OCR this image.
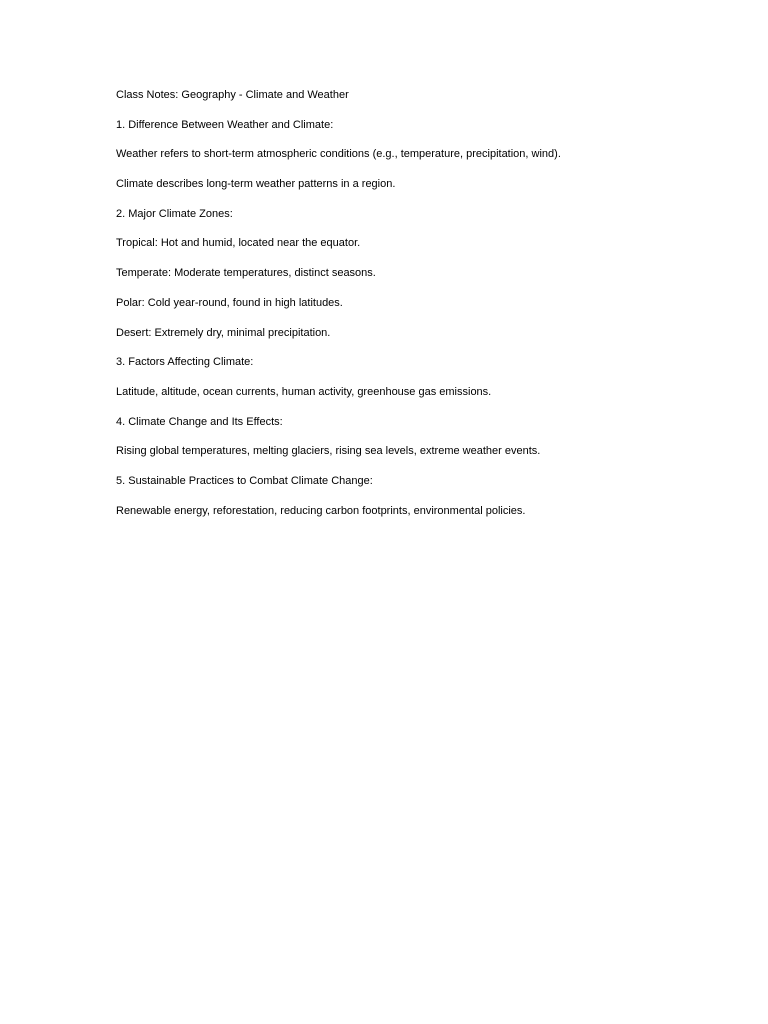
Class Notes: Geography - Climate and Weather

1. Difference Between Weather and Climate:

Weather refers to short-term atmospheric conditions (e.g., temperature, precipitation, wind).

Climate describes long-term weather patterns in a region.

2. Major Climate Zones:

Tropical: Hot and humid, located near the equator.

Temperate: Moderate temperatures, distinct seasons.

Polar: Cold year-round, found in high latitudes.

Desert: Extremely dry, minimal precipitation.

3. Factors Affecting Climate:

Latitude, altitude, ocean currents, human activity, greenhouse gas emissions.

4. Climate Change and Its Effects:

Rising global temperatures, melting glaciers, rising sea levels, extreme weather events.

5. Sustainable Practices to Combat Climate Change:

Renewable energy, reforestation, reducing carbon footprints, environmental policies.
